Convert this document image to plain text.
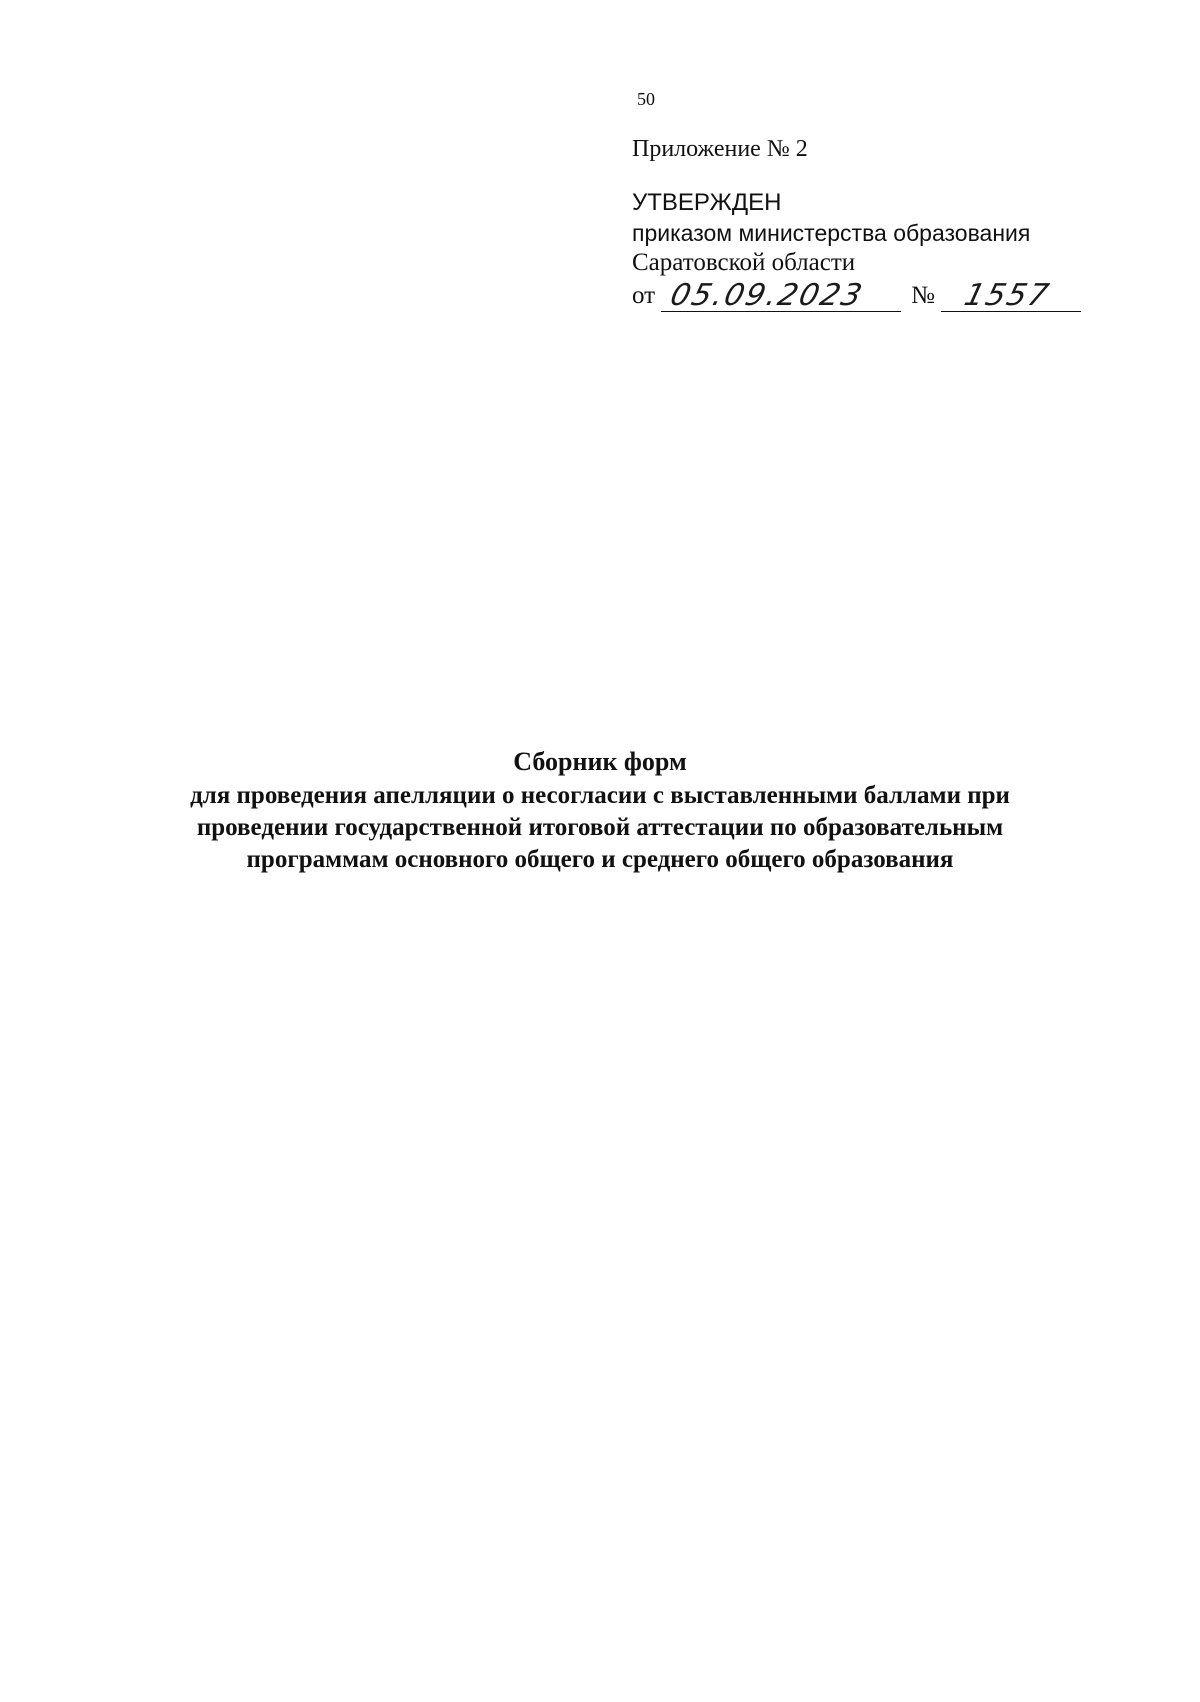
50

Приложение № 2

УТВЕРЖДЕН

приказом министерства образования

Саратовской области

от 05.09.2023 № 1557
Сборник форм
для проведения апелляции о несогласии с выставленными баллами при
проведении государственной итоговой аттестации по образовательным
программам основного общего и среднего общего образования
